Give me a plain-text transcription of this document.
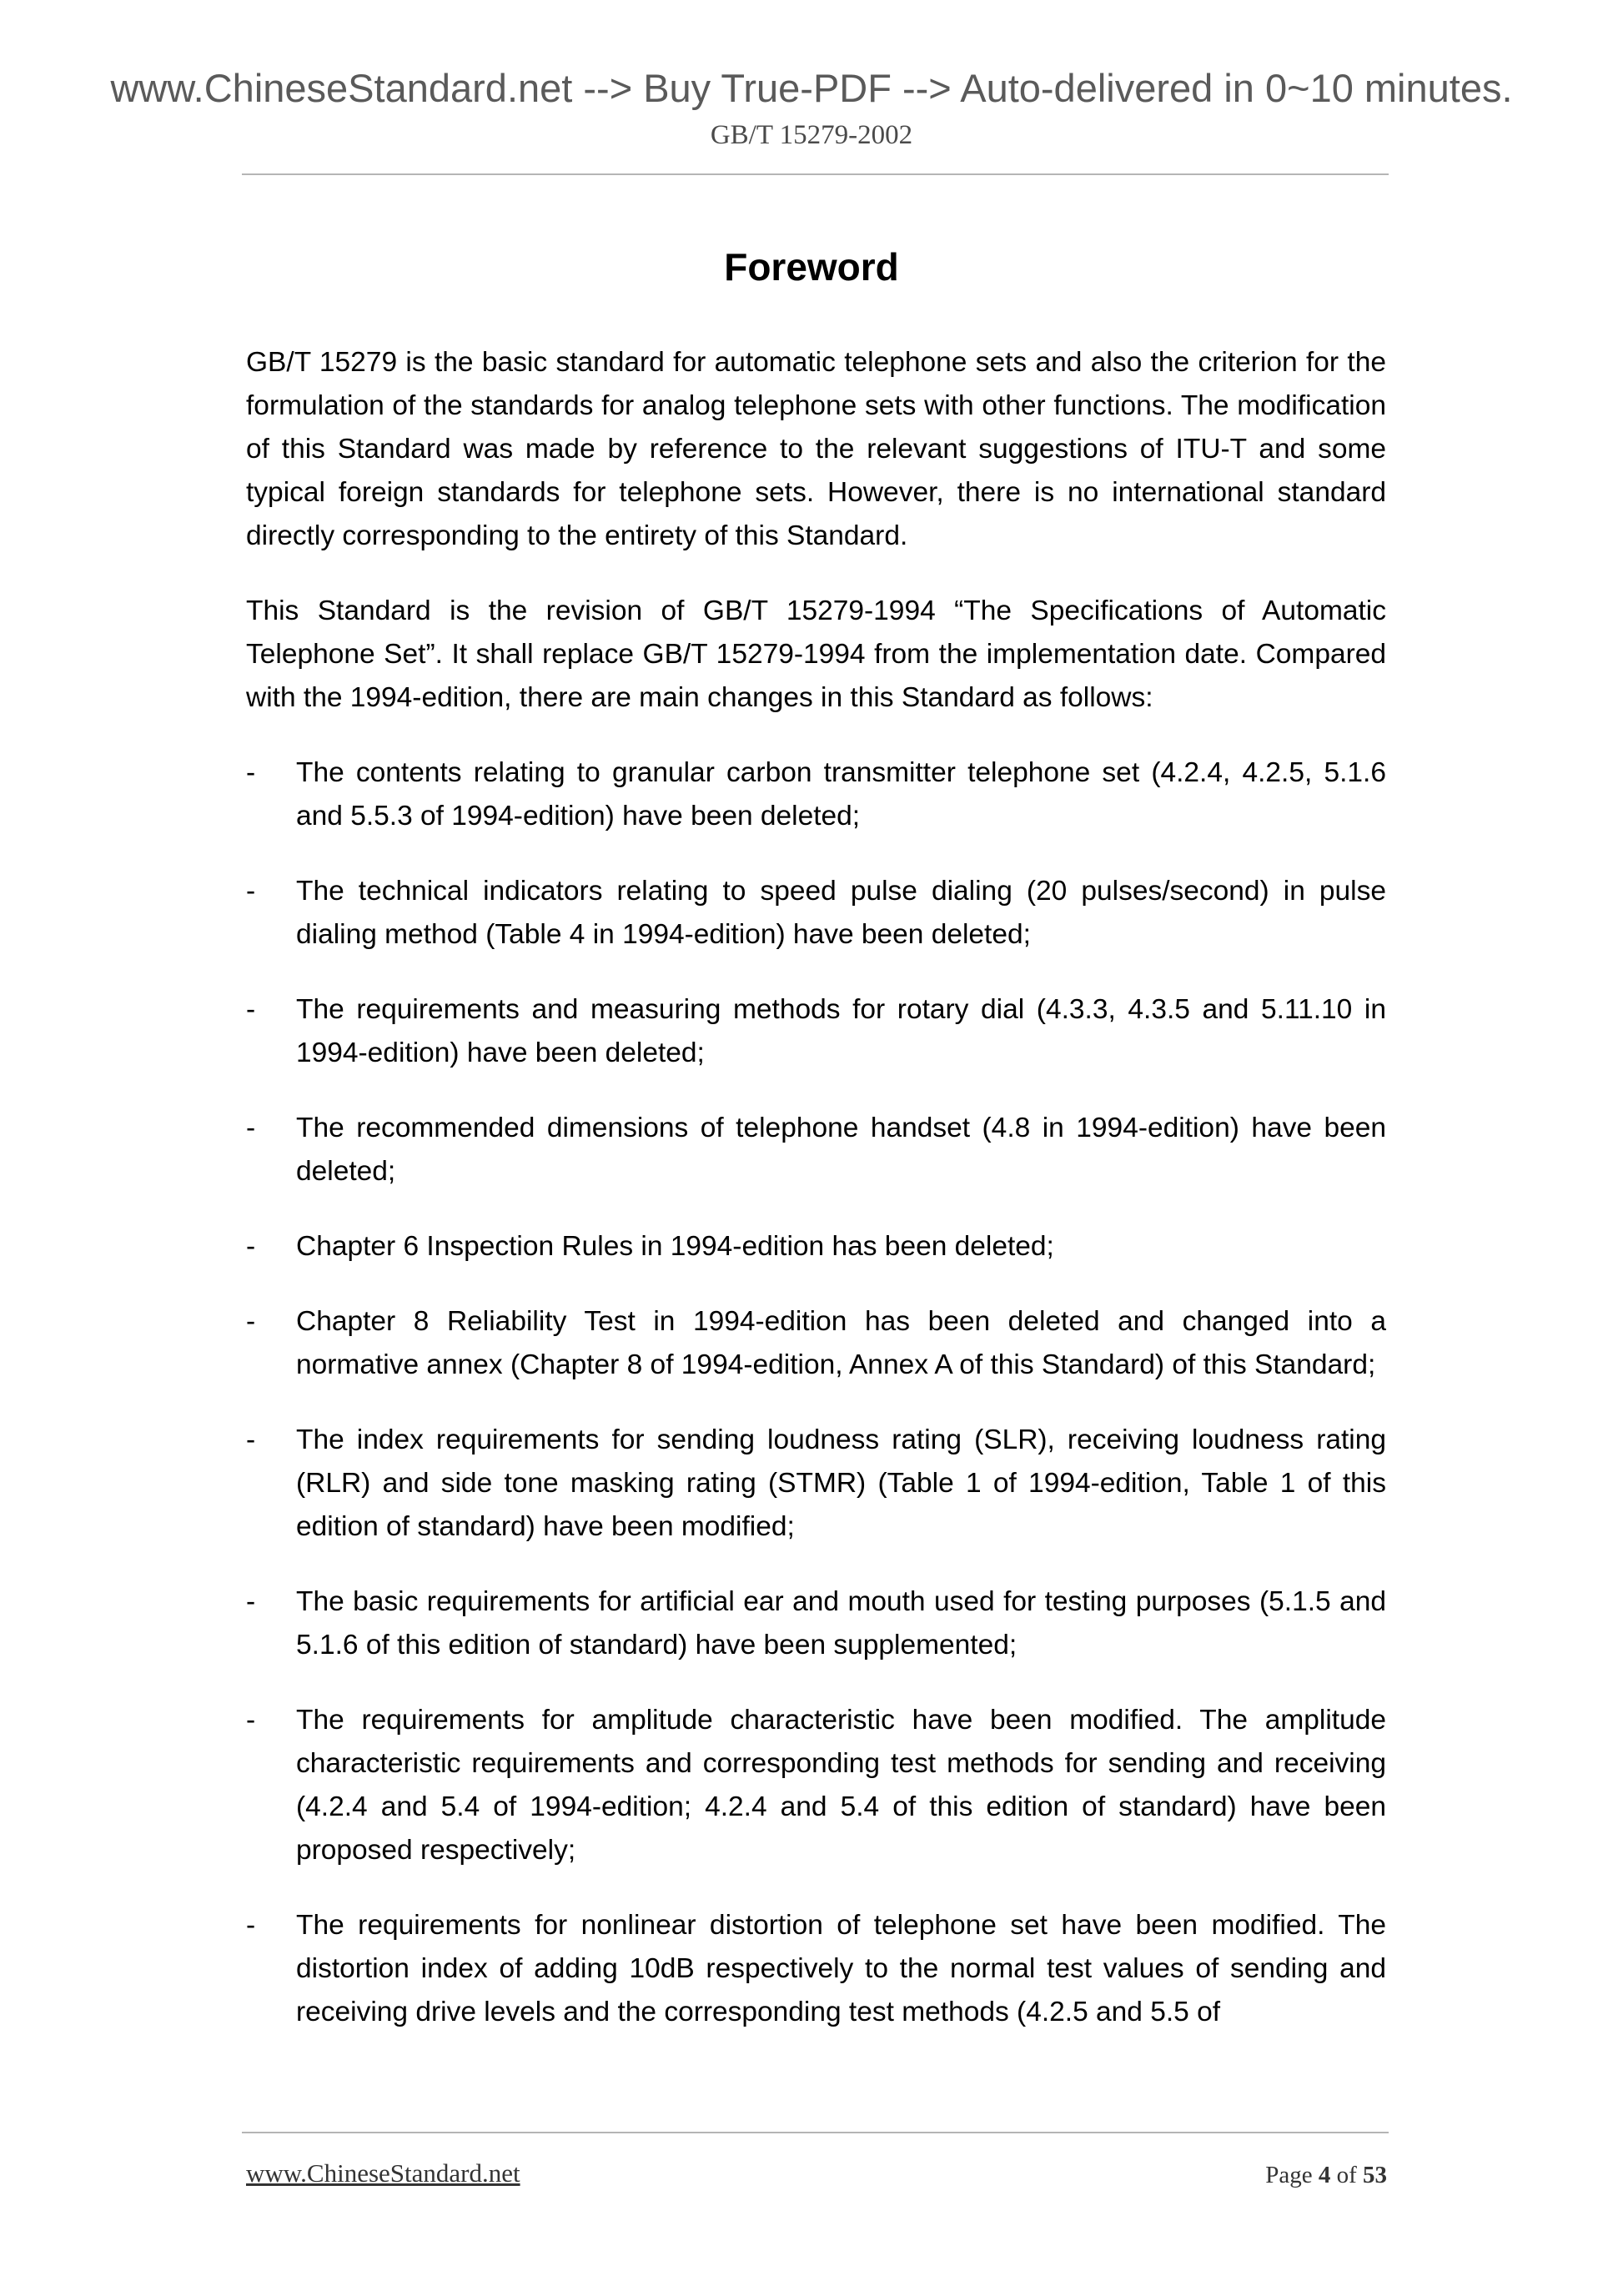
www.ChineseStandard.net --> Buy True-PDF --> Auto-delivered in 0~10 minutes.
GB/T 15279-2002
Foreword

GB/T 15279 is the basic standard for automatic telephone sets and also the criterion for the formulation of the standards for analog telephone sets with other functions. The modification of this Standard was made by reference to the relevant suggestions of ITU-T and some typical foreign standards for telephone sets. However, there is no international standard directly corresponding to the entirety of this Standard.

This Standard is the revision of GB/T 15279-1994 “The Specifications of Automatic Telephone Set”. It shall replace GB/T 15279-1994 from the implementation date. Compared with the 1994-edition, there are main changes in this Standard as follows:

- The contents relating to granular carbon transmitter telephone set (4.2.4, 4.2.5, 5.1.6 and 5.5.3 of 1994-edition) have been deleted;
- The technical indicators relating to speed pulse dialing (20 pulses/second) in pulse dialing method (Table 4 in 1994-edition) have been deleted;
- The requirements and measuring methods for rotary dial (4.3.3, 4.3.5 and 5.11.10 in 1994-edition) have been deleted;
- The recommended dimensions of telephone handset (4.8 in 1994-edition) have been deleted;
- Chapter 6 Inspection Rules in 1994-edition has been deleted;
- Chapter 8 Reliability Test in 1994-edition has been deleted and changed into a normative annex (Chapter 8 of 1994-edition, Annex A of this Standard) of this Standard;
- The index requirements for sending loudness rating (SLR), receiving loudness rating (RLR) and side tone masking rating (STMR) (Table 1 of 1994-edition, Table 1 of this edition of standard) have been modified;
- The basic requirements for artificial ear and mouth used for testing purposes (5.1.5 and 5.1.6 of this edition of standard) have been supplemented;
- The requirements for amplitude characteristic have been modified. The amplitude characteristic requirements and corresponding test methods for sending and receiving (4.2.4 and 5.4 of 1994-edition; 4.2.4 and 5.4 of this edition of standard) have been proposed respectively;
- The requirements for nonlinear distortion of telephone set have been modified. The distortion index of adding 10dB respectively to the normal test values of sending and receiving drive levels and the corresponding test methods (4.2.5 and 5.5 of
www.ChineseStandard.net	Page 4 of 53
